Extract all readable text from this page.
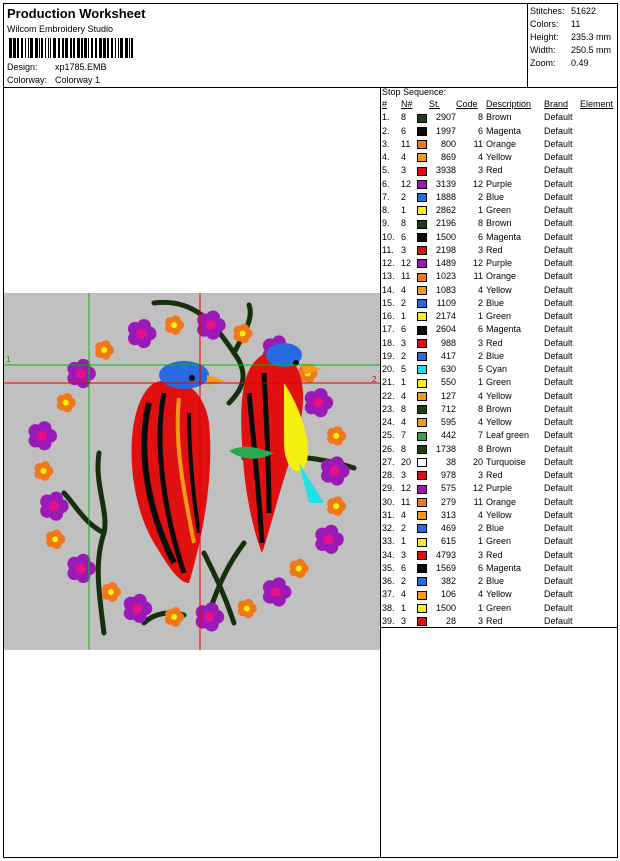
Production Worksheet
Wilcom Embroidery Studio
Design: xp1785.EMB
Colorway: Colorway 1
Stitches: 51622
Colors: 11
Height: 235.3 mm
Width: 250.5 mm
Zoom: 0.49
Stop Sequence:
#	N#		St.	Code	Description	Brand	Element
1.	8		2907	8	Brown	Default	
2.	6		1997	6	Magenta	Default	
3.	11		800	11	Orange	Default	
4.	4		869	4	Yellow	Default	
5.	3		3938	3	Red	Default	
6.	12		3139	12	Purple	Default	
7.	2		1888	2	Blue	Default	
8.	1		2862	1	Green	Default	
9.	8		2196	8	Brown	Default	
10.	6		1500	6	Magenta	Default	
11.	3		2198	3	Red	Default	
12.	12		1489	12	Purple	Default	
13.	11		1023	11	Orange	Default	
14.	4		1083	4	Yellow	Default	
15.	2		1109	2	Blue	Default	
16.	1		2174	1	Green	Default	
17.	6		2604	6	Magenta	Default	
18.	3		988	3	Red	Default	
19.	2		417	2	Blue	Default	
20.	5		630	5	Cyan	Default	
21.	1		550	1	Green	Default	
22.	4		127	4	Yellow	Default	
23.	8		712	8	Brown	Default	
24.	4		595	4	Yellow	Default	
25.	7		442	7	Leaf green	Default	
26.	8		1738	8	Brown	Default	
27.	20		38	20	Turquoise	Default	
28.	3		978	3	Red	Default	
29.	12		575	12	Purple	Default	
30.	11		279	11	Orange	Default	
31.	4		313	4	Yellow	Default	
32.	2		469	2	Blue	Default	
33.	1		615	1	Green	Default	
34.	3		4793	3	Red	Default	
35.	6		1569	6	Magenta	Default	
36.	2		382	2	Blue	Default	
37.	4		106	4	Yellow	Default	
38.	1		1500	1	Green	Default	
39.	3		28	3	Red	Default	
1
2
